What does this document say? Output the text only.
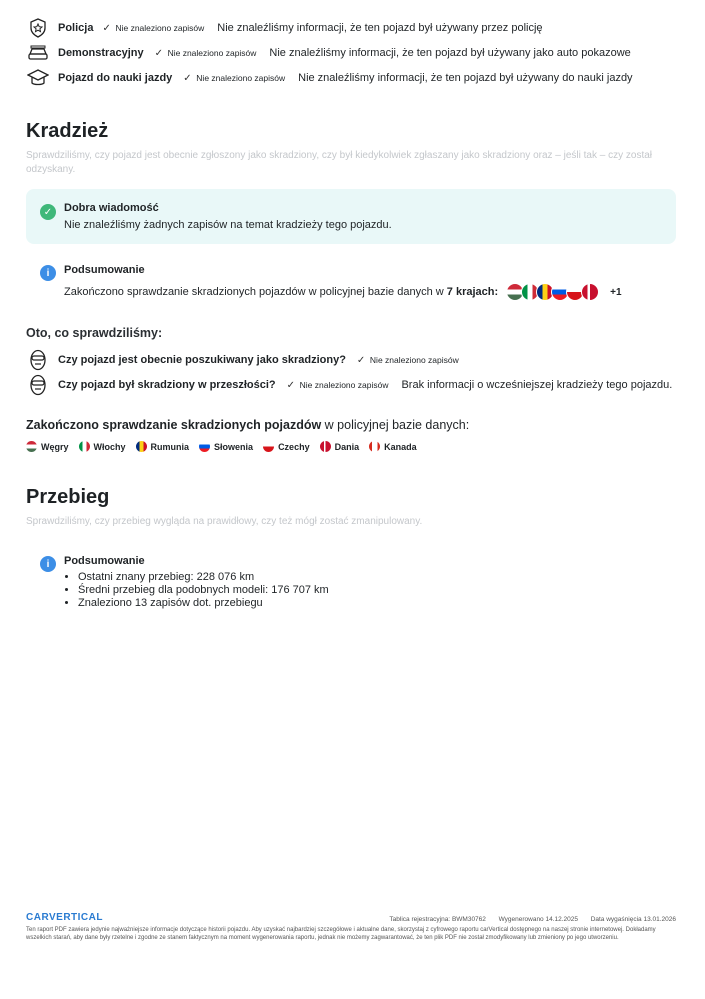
Policja ✓ Nie znaleziono zapisów Nie znaleźliśmy informacji, że ten pojazd był używany przez policję
Demonstracyjny ✓ Nie znaleziono zapisów Nie znaleźliśmy informacji, że ten pojazd był używany jako auto pokazowe
Pojazd do nauki jazdy ✓ Nie znaleziono zapisów Nie znaleźliśmy informacji, że ten pojazd był używany do nauki jazdy
Kradzież
Sprawdziliśmy, czy pojazd jest obecnie zgłoszony jako skradziony, czy był kiedykolwiek zgłaszany jako skradziony oraz – jeśli tak – czy został odzyskany.
✓	Dobra wiadomość
Nie znaleźliśmy żadnych zapisów na temat kradzieży tego pojazdu.
i	Podsumowanie
Zakończono sprawdzanie skradzionych pojazdów w policyjnej bazie danych w
7 krajach:	+1
Oto, co sprawdziliśmy:
Czy pojazd jest obecnie poszukiwany jako skradziony? ✓ Nie znaleziono zapisów
Czy pojazd był skradziony w przeszłości? ✓ Nie znaleziono zapisów Brak informacji o wcześniejszej kradzieży tego pojazdu.
Zakończono sprawdzanie skradzionych pojazdów w policyjnej bazie danych:
Węgry	Włochy	Rumunia	Słowenia	Czechy	Dania	Kanada
Przebieg
Sprawdziliśmy, czy przebieg wygląda na prawidłowy, czy też mógł zostać zmanipulowany.
i	Podsumowanie
• Ostatni znany przebieg: 228 076 km
• Średni przebieg dla podobnych modeli: 176 707 km
• Znaleziono 13 zapisów dot. przebiegu
CARVERTICAL	Tablica rejestracyjna: BWM30762 Wygenerowano 14.12.2025 Data wygaśnięcia 13.01.2026
Ten raport PDF zawiera jedynie najważniejsze informacje dotyczące historii pojazdu. Aby uzyskać najbardziej szczegółowe i aktualne dane, skorzystaj z cyfrowego raportu carVertical dostępnego na naszej stronie internetowej. Dokładamy wszelkich starań, aby dane były rzetelne i zgodne ze stanem faktycznym na moment wygenerowania raportu, jednak nie możemy zagwarantować, że ten plik PDF nie został zmodyfikowany lub zmieniony po jego utworzeniu.
